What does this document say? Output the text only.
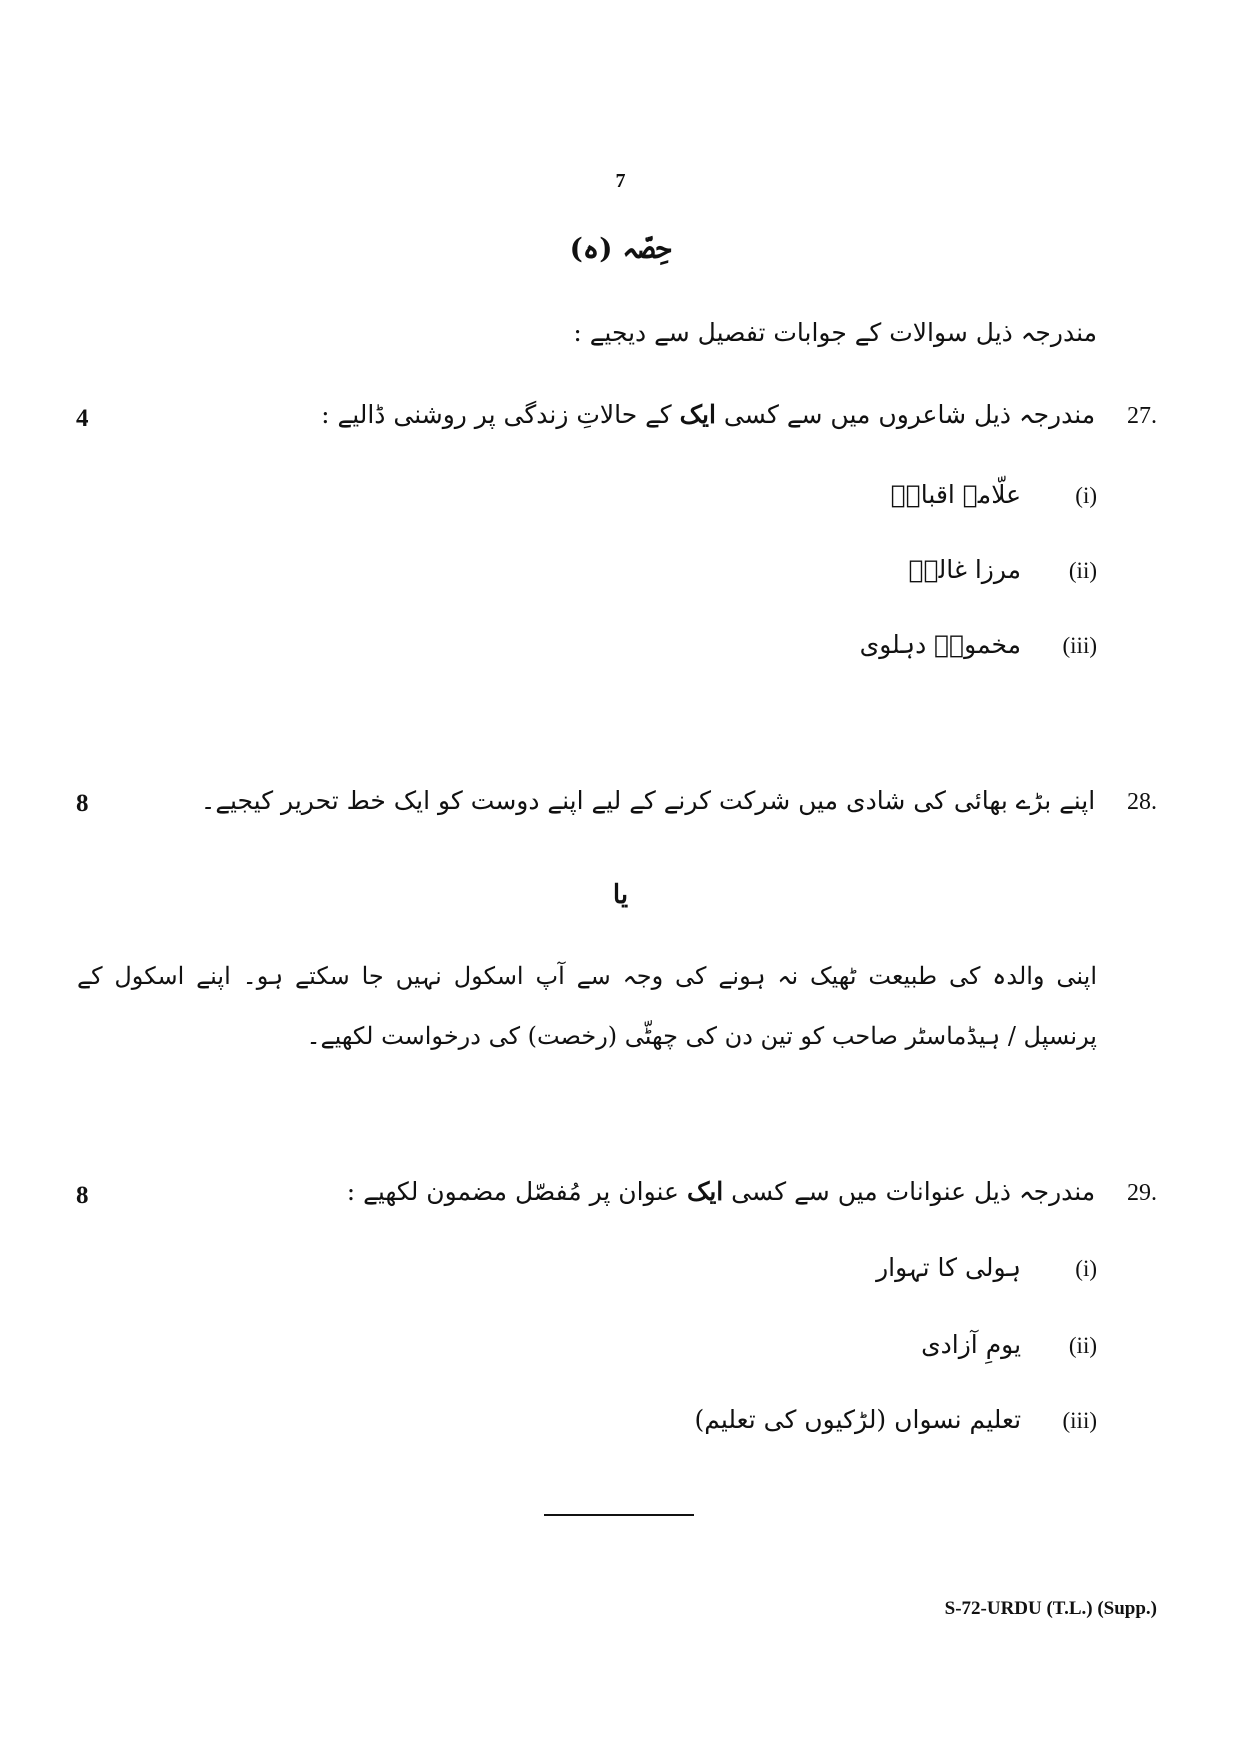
7
حِصّہ (ہ)
مندرجہ ذیل سوالات کے جوابات تفصیل سے دیجیے :
27.    مندرجہ ذیل شاعروں میں سے کسی ایک کے حالاتِ زندگی پر روشنی ڈالیے :
4
(i) علّامہ اقبالؔ
(ii) مرزا غالبؔ
(iii) مخمورؔ دہلوی
28.    اپنے بڑے بھائی کی شادی میں شرکت کرنے کے لیے اپنے دوست کو ایک خط تحریر کیجیے۔
8
یا
اپنی والدہ کی طبیعت ٹھیک نہ ہونے کی وجہ سے آپ اسکول نہیں جا سکتے ہو۔ اپنے اسکول کے پرنسپل / ہیڈماسٹر صاحب کو تین دن کی چھٹّی (رخصت) کی درخواست لکھیے۔
29.    مندرجہ ذیل عنوانات میں سے کسی ایک عنوان پر مُفصّل مضمون لکھیے :
8
(i) ہولی کا تہوار
(ii) یومِ آزادی
(iii) تعلیم نسواں (لڑکیوں کی تعلیم)
S-72-URDU (T.L.) (Supp.)
